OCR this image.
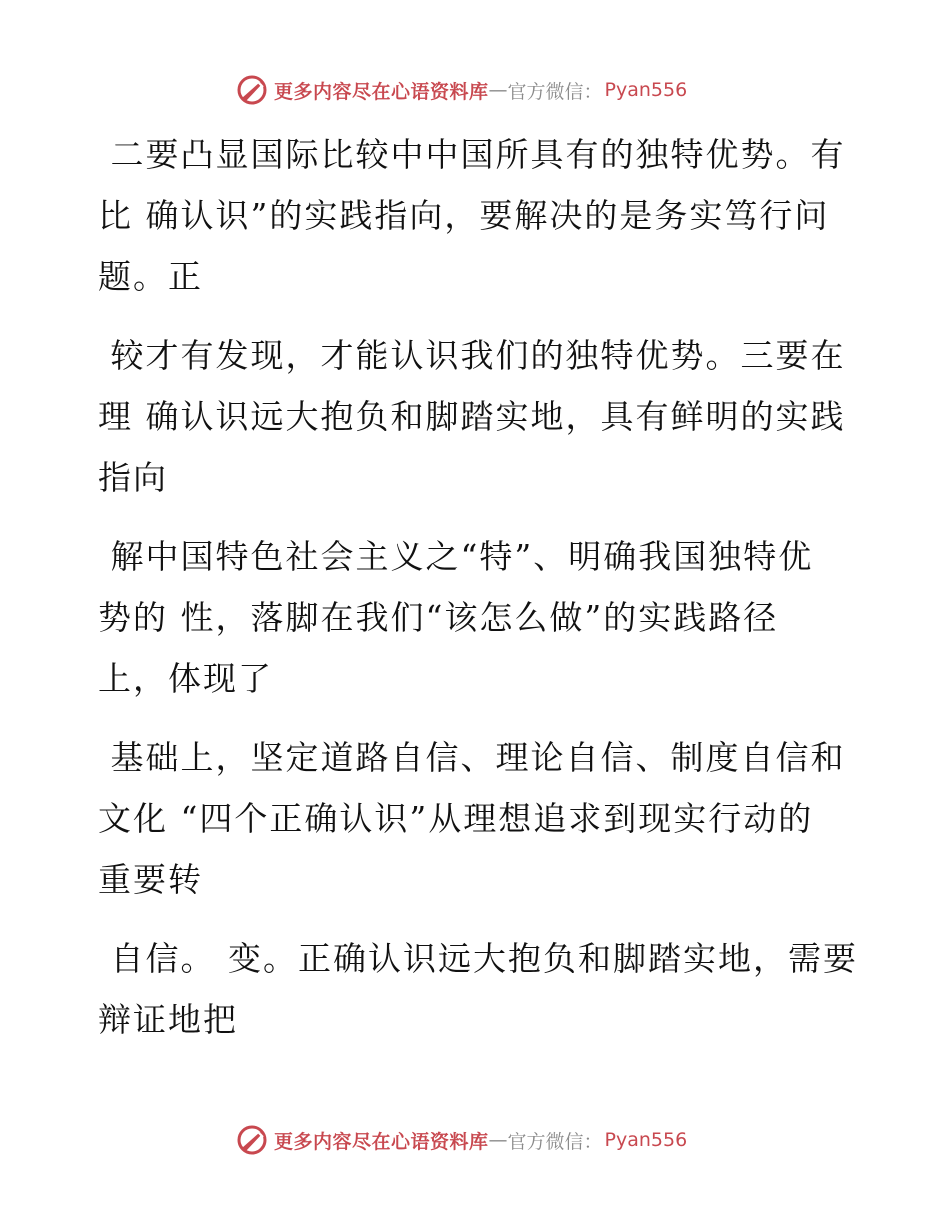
更多内容尽在心语资料库 — 官方微信： Pyan556
二要凸显国际比较中中国所具有的独特优势。有
比 确认识”的实践指向，要解决的是务实笃行问
题。正
较才有发现，才能认识我们的独特优势。三要在
理 确认识远大抱负和脚踏实地，具有鲜明的实践
指向
解中国特色社会主义之“特”、明确我国独特优
势的 性，落脚在我们“该怎么做”的实践路径
上，体现了
基础上，坚定道路自信、理论自信、制度自信和
文化 “四个正确认识”从理想追求到现实行动的
重要转
自信。 变。正确认识远大抱负和脚踏实地，需要
辩证地把
更多内容尽在心语资料库 — 官方微信： Pyan556
